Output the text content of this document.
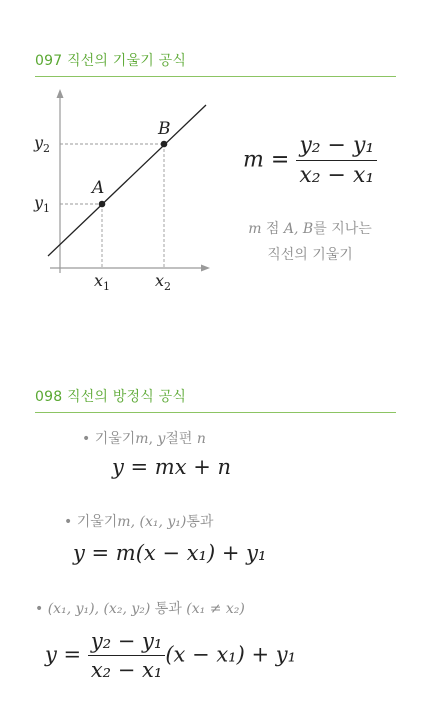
097 직선의 기울기 공식
A
B
$y_2$
$y_1$
$x_1$	$x_2$
$m = \frac{\text{y₂ − y₁}}{\text{x₂ − x₁}}$
m 점 A, B를 지나는
직선의 기울기
098 직선의 방정식 공식
• 기울기m, y절편 n
y = mx + n
• 기울기m, (x₁, y₁)통과
y = m(x − x₁) + y₁
• (x₁, y₁), (x₂, y₂) 통과 (x₁ ≠ x₂)
$y = \frac{\text{y₂ − y₁}}{\text{x₂ − x₁}} (x - x_1) + y_1$
